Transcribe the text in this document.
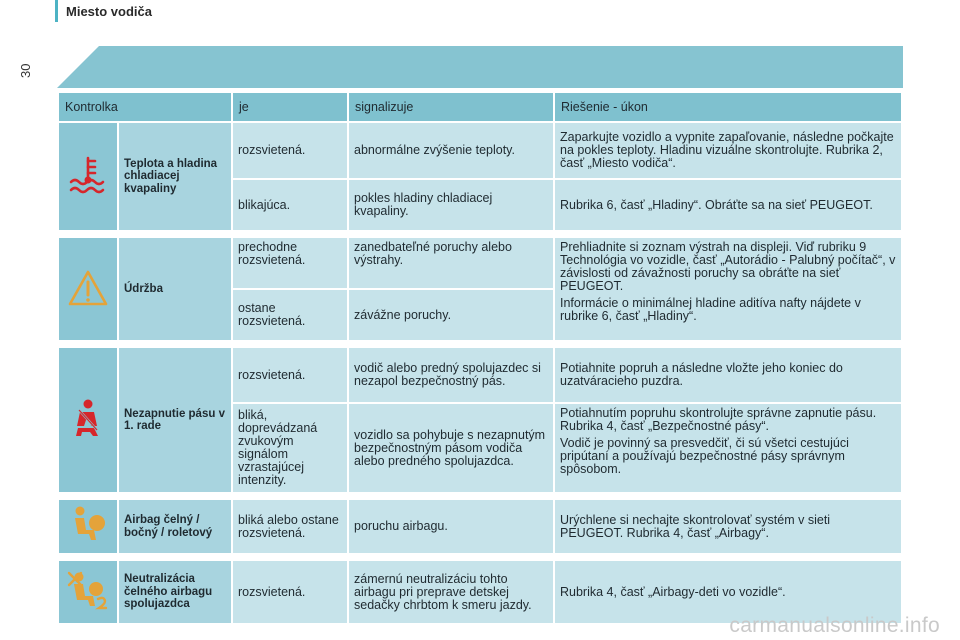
Miesto vodiča
30
Kontrolka		je	signalizuje	Riešenie - úkon
	Teplota a hladina chladiacej kvapaliny	rozsvietená.	abnormálne zvýšenie teploty.	Zaparkujte vozidlo a vypnite zapaľovanie, následne počkajte na pokles teploty. Hladinu vizuálne skontrolujte. Rubrika 2, časť „Miesto vodiča“.

		blikajúca.	pokles hladiny chladiacej kvapaliny.	Rubrika 6, časť „Hladiny“. Obráťte sa na sieť PEUGEOT.

	Údržba	prechodne rozsvietená.	zanedbateľné poruchy alebo výstrahy.	Prehliadnite si zoznam výstrah na displeji. Viď rubriku 9 Technológia vo vozidle, časť „Autorádio - Palubný počítač“, v závislosti od závažnosti poruchy sa obráťte na sieť PEUGEOT.

Informácie o minimálnej hladine aditíva nafty nájdete v rubrike 6, časť „Hladiny“.

		ostane rozsvietená.	závážne poruchy.	

	Nezapnutie pásu v 1. rade	rozsvietená.	vodič alebo predný spolujazdec si nezapol bezpečnostný pás.	Potiahnite popruh a následne vložte jeho koniec do uzatváracieho puzdra.

		bliká, doprevádzaná zvukovým signálom vzrastajúcej intenzity.	vozidlo sa pohybuje s nezapnutým bezpečnostným pásom vodiča alebo predného spolujazdca.	Potiahnutím popruhu skontrolujte správne zapnutie pásu. Rubrika 4, časť „Bezpečnostné pásy“.

Vodič je povinný sa presvedčiť, či sú všetci cestujúci pripútaní a používajú bezpečnostné pásy správnym spôsobom.

	Airbag čelný / bočný / roletový	bliká alebo ostane rozsvietená.	poruchu airbagu.	Urýchlene si nechajte skontrolovať systém v sieti PEUGEOT. Rubrika 4, časť „Airbagy“.

	Neutralizácia čelného airbagu spolujazdca	rozsvietená.	zámernú neutralizáciu tohto airbagu pri preprave detskej sedačky chrbtom k smeru jazdy.	Rubrika 4, časť „Airbagy-deti vo vozidle“.

carmanualsonline.info
